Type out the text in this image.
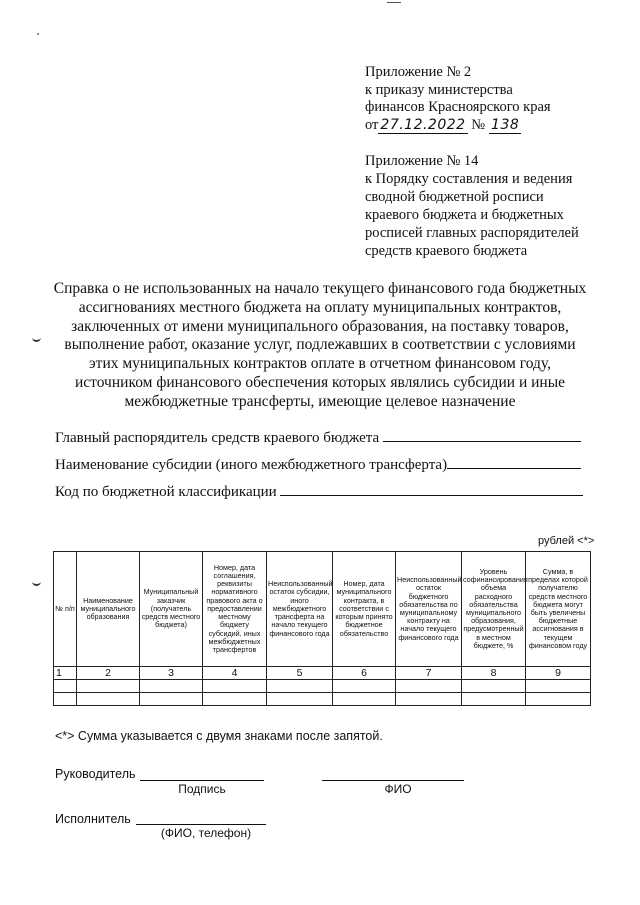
Приложение № 2
к приказу министерства
финансов Красноярского края
от 27.12.2022 № 138
Приложение № 14
к Порядку составления и ведения
сводной бюджетной росписи
краевого бюджета и бюджетных
росписей главных распорядителей
средств краевого бюджета
Справка о не использованных на начало текущего финансового года бюджетных
ассигнованиях местного бюджета на оплату муниципальных контрактов,
заключенных от имени муниципального образования, на поставку товаров,
выполнение работ, оказание услуг, подлежавших в соответствии с условиями
этих муниципальных контрактов оплате в отчетном финансовом году,
источником финансового обеспечения которых являлись субсидии и иные
межбюджетные трансферты, имеющие целевое назначение
Главный распорядитель средств краевого бюджета
Наименование субсидии (иного межбюджетного трансферта)
Код по бюджетной классификации
рублей <*>
№ п/п	Наименование муниципального образования	Муниципальный заказчик (получатель средств местного бюджета)	Номер, дата соглашения, реквизиты нормативного правового акта о предоставлении местному бюджету субсидий, иных межбюджетных трансфертов	Неиспользованный остаток субсидии, иного межбюджетного трансферта на начало текущего финансового года	Номер, дата муниципального контракта, в соответствии с которым принято бюджетное обязательство	Неиспользованный остаток бюджетного обязательства по муниципальному контракту на начало текущего финансового года	Уровень софинансирования объема расходного обязательства муниципального образования, предусмотренный в местном бюджете, %	Сумма, в пределах которой получателю средств местного бюджета могут быть увеличены бюджетные ассигнования в текущем финансовом году
1	2	3	4	5	6	7	8	9

<*> Сумма указывается с двумя знаками после запятой.
Руководитель
Подпись	ФИО
Исполнитель
(ФИО, телефон)
